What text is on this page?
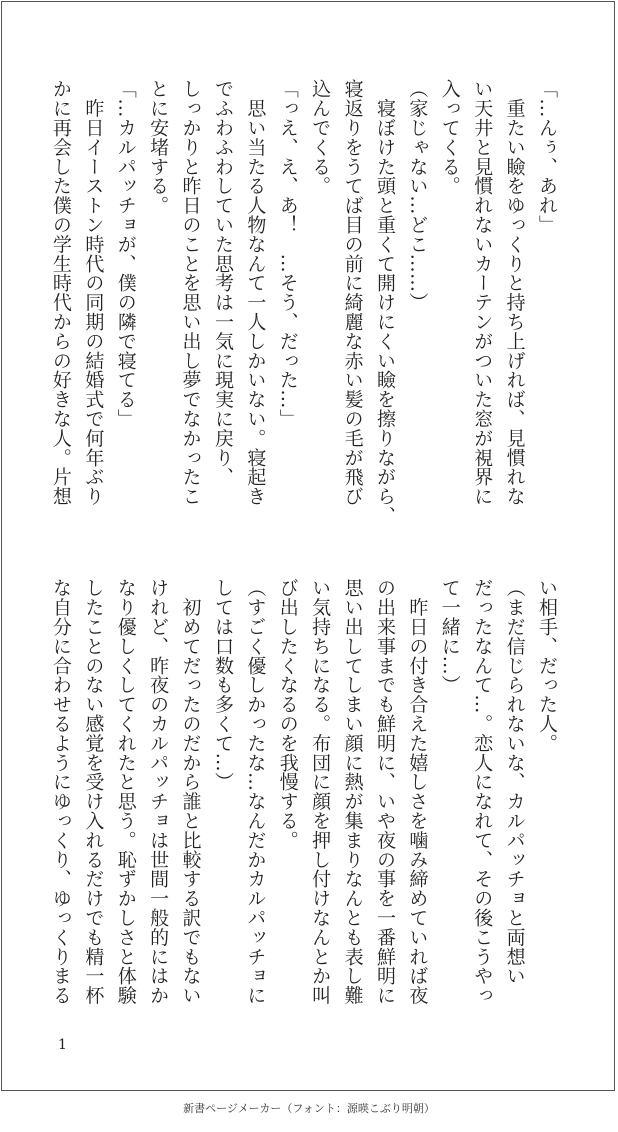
「…んぅ、あれ」
　重たい瞼をゆっくりと持ち上げれば、見慣れな
い天井と見慣れないカーテンがついた窓が視界に
入ってくる。
（家じゃない…どこ……）
　寝ぼけた頭と重くて開けにくい瞼を擦りながら、
寝返りをうてば目の前に綺麗な赤い髪の毛が飛び
込んでくる。
「っえ、え、あ！　…そう、だった…」
　思い当たる人物なんて一人しかいない。寝起き
でふわふわしていた思考は一気に現実に戻り、
しっかりと昨日のことを思い出し夢でなかったこ
とに安堵する。
「…カルパッチョが、僕の隣で寝てる」
　昨日イーストン時代の同期の結婚式で何年ぶり
かに再会した僕の学生時代からの好きな人。片想
い相手、だった人。
（まだ信じられないな、カルパッチョと両想い
だったなんて…。恋人になれて、その後こうやっ
て一緒に…）
　昨日の付き合えた嬉しさを噛み締めていれば夜
の出来事までも鮮明に、いや夜の事を一番鮮明に
思い出してしまい顔に熱が集まりなんとも表し難
い気持ちになる。布団に顔を押し付けなんとか叫
び出したくなるのを我慢する。
（すごく優しかったな…なんだかカルパッチョに
しては口数も多くて…）
　初めてだったのだから誰と比較する訳でもない
けれど、昨夜のカルパッチョは世間一般的にはか
なり優しくしてくれたと思う。恥ずかしさと体験
したことのない感覚を受け入れるだけでも精一杯
な自分に合わせるようにゆっくり、ゆっくりまる
1
新書ページメーカー（フォント：源暎こぶり明朝）
